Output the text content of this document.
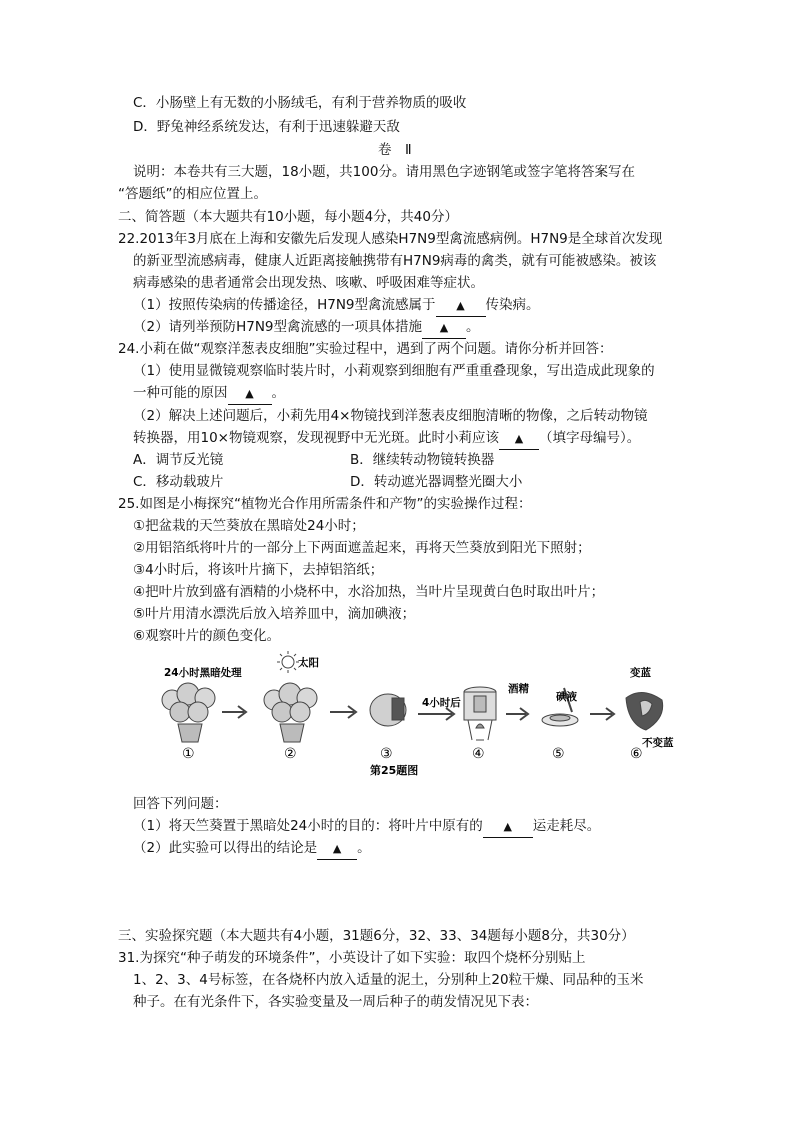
C．小肠壁上有无数的小肠绒毛，有利于营养物质的吸收
D．野兔神经系统发达，有利于迅速躲避天敌
卷　Ⅱ
说明：本卷共有三大题，18小题，共100分。请用黑色字迹钢笔或签字笔将答案写在
“答题纸”的相应位置上。
二、简答题（本大题共有10小题，每小题4分，共40分）
22.2013年3月底在上海和安徽先后发现人感染H7N9型禽流感病例。H7N9是全球首次发现
的新亚型流感病毒，健康人近距离接触携带有H7N9病毒的禽类，就有可能被感染。被该
病毒感染的患者通常会出现发热、咳嗽、呼吸困难等症状。
（1）按照传染病的传播途径，H7N9型禽流感属于 ▲ 传染病。
（2）请列举预防H7N9型禽流感的一项具体措施 ▲ 。
24.小莉在做“观察洋葱表皮细胞”实验过程中，遇到了两个问题。请你分析并回答：
（1）使用显微镜观察临时装片时，小莉观察到细胞有严重重叠现象，写出造成此现象的
一种可能的原因 ▲ 。
（2）解决上述问题后，小莉先用4×物镜找到洋葱表皮细胞清晰的物像，之后转动物镜
转换器，用10×物镜观察，发现视野中无光斑。此时小莉应该 ▲ （填字母编号）。
A．调节反光镜	B．继续转动物镜转换器
C．移动载玻片	D．转动遮光器调整光圈大小
25.如图是小梅探究“植物光合作用所需条件和产物”的实验操作过程：
①把盆栽的天竺葵放在黑暗处24小时；
②用铝箔纸将叶片的一部分上下两面遮盖起来，再将天竺葵放到阳光下照射；
③4小时后，将该叶片摘下，去掉铝箔纸；
④把叶片放到盛有酒精的小烧杯中，水浴加热，当叶片呈现黄白色时取出叶片；
⑤叶片用清水漂洗后放入培养皿中，滴加碘液；
⑥观察叶片的颜色变化。
24小时黑暗处理
太阳
4小时后
酒精
碘液
变蓝
不变蓝
①	②	③	④	⑤	⑥
第25题图
回答下列问题：
（1）将天竺葵置于黑暗处24小时的目的：将叶片中原有的 ▲ 运走耗尽。
（2）此实验可以得出的结论是 ▲ 。
三、实验探究题（本大题共有4小题，31题6分，32、33、34题每小题8分，共30分）
31.为探究“种子萌发的环境条件”，小英设计了如下实验：取四个烧杯分别贴上
1、2、3、4号标签，在各烧杯内放入适量的泥土，分别种上20粒干燥、同品种的玉米
种子。在有光条件下，各实验变量及一周后种子的萌发情况见下表：
